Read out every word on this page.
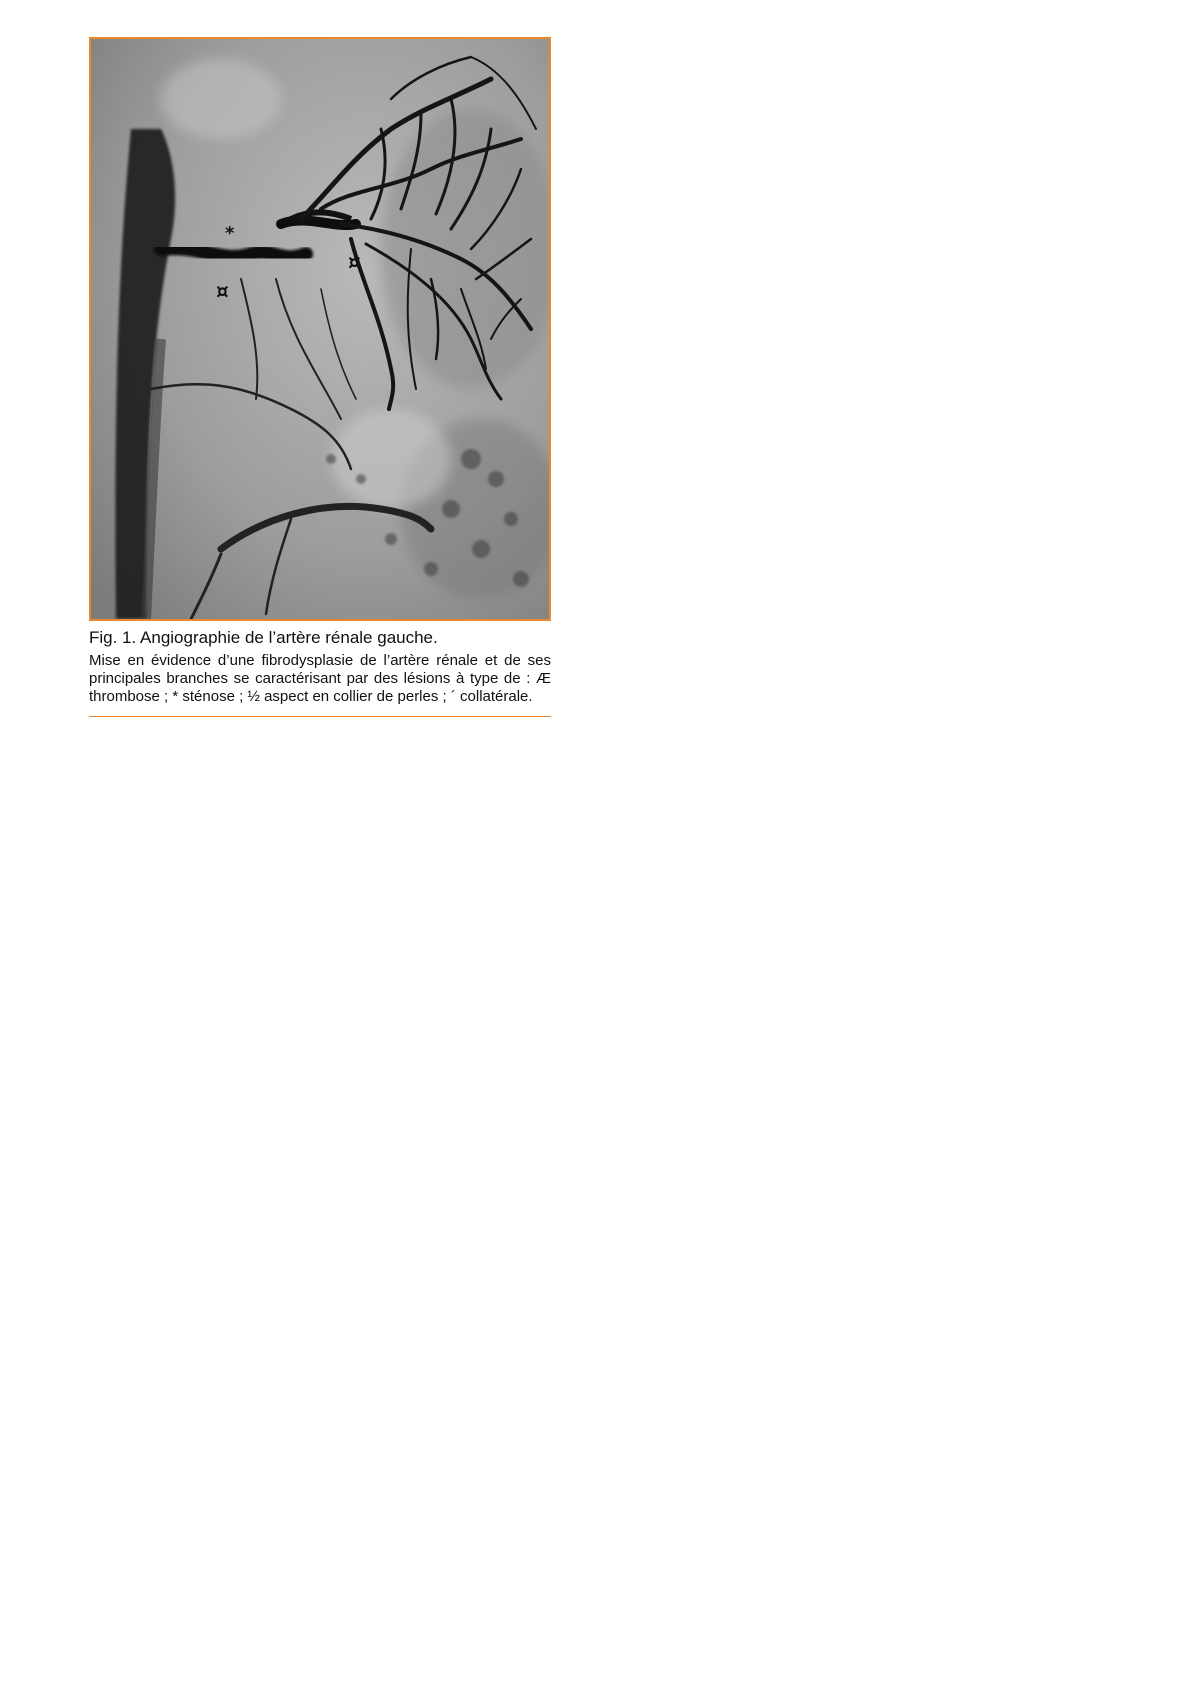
*
¤
¤
Fig. 1. Angiographie de l’artère rénale gauche.
Mise en évidence d’une fibrodysplasie de l’artère rénale et de ses principales branches se caractérisant par des lésions à type de : Æ thrombose ; * sténose ; ½ aspect en collier de perles ; ´ collatérale.
